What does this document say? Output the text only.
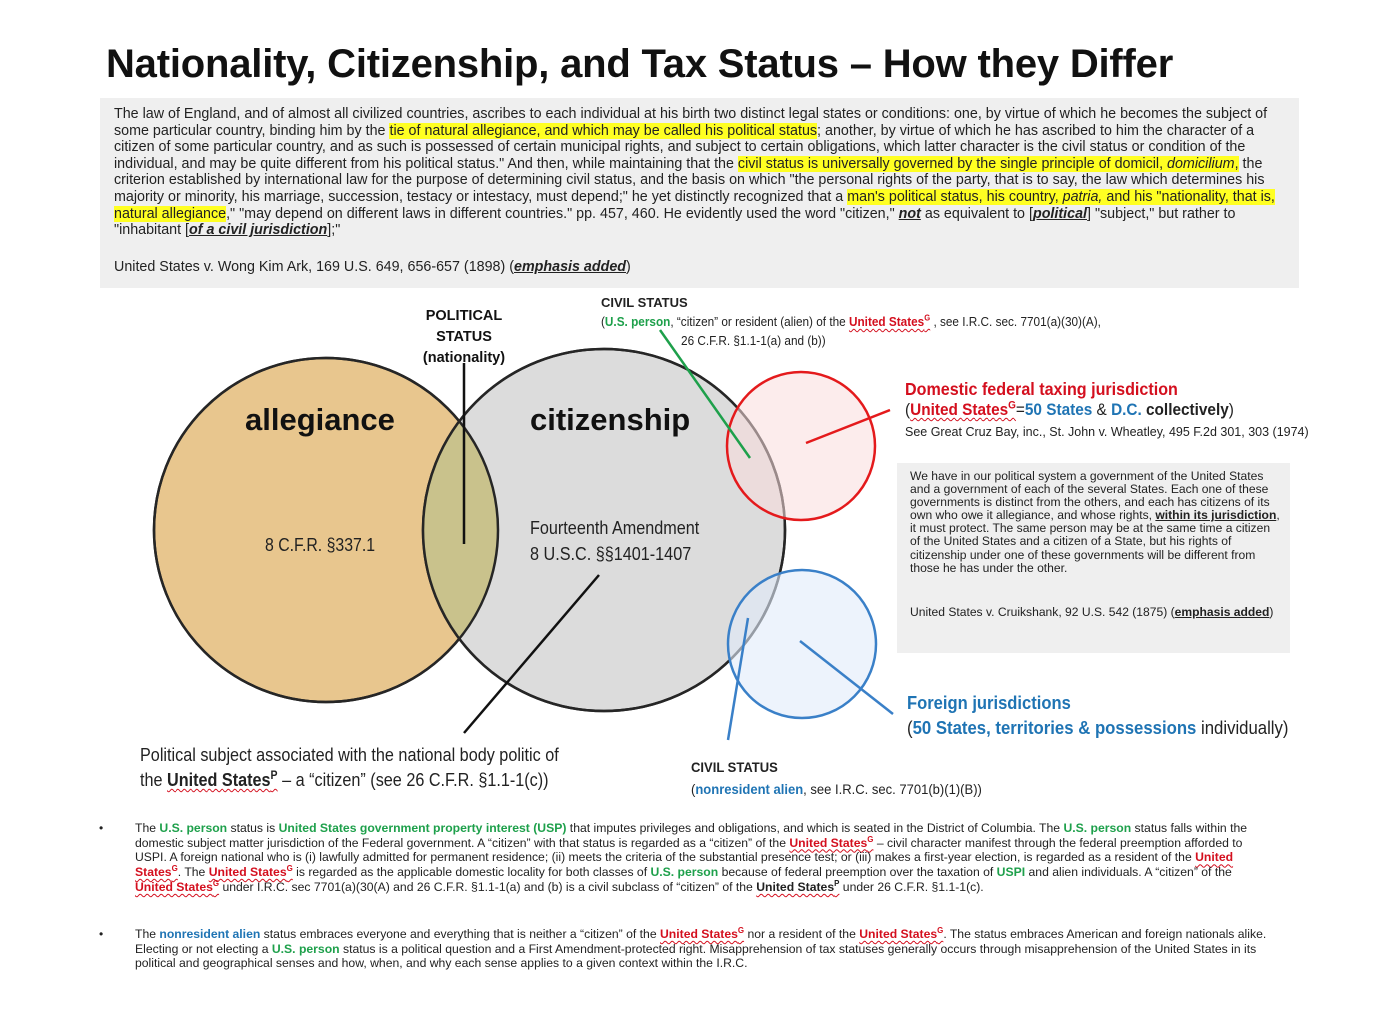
Nationality, Citizenship, and Tax Status – How they Differ
The law of England, and of almost all civilized countries, ascribes to each individual at his birth two distinct legal states or conditions: one, by virtue of which he becomes the subject of some particular country, binding him by the tie of natural allegiance, and which may be called his political status; another, by virtue of which he has ascribed to him the character of a citizen of some particular country, and as such is possessed of certain municipal rights, and subject to certain obligations, which latter character is the civil status or condition of the individual, and may be quite different from his political status." And then, while maintaining that the civil status is universally governed by the single principle of domicil, domicilium, the criterion established by international law for the purpose of determining civil status, and the basis on which "the personal rights of the party, that is to say, the law which determines his majority or minority, his marriage, succession, testacy or intestacy, must depend;" he yet distinctly recognized that a man's political status, his country, patria, and his "nationality, that is, natural allegiance," "may depend on different laws in different countries." pp. 457, 460. He evidently used the word "citizen," not as equivalent to [political] "subject," but rather to "inhabitant [of a civil jurisdiction];"
United States v. Wong Kim Ark, 169 U.S. 649, 656-657 (1898) (emphasis added)
allegiance	citizenship
8 C.F.R. §337.1
Fourteenth Amendment
8 U.S.C. §§1401-1407
POLITICAL STATUS
(nationality)
CIVIL STATUS
(U.S. person, “citizen” or resident (alien) of the United States$^G$ , see I.R.C. sec. 7701(a)(30)(A),
26 C.F.R. §1.1-1(a) and (b))
Domestic federal taxing jurisdiction
(United States$^G$=50 States & D.C. collectively)
See Great Cruz Bay, inc., St. John v. Wheatley, 495 F.2d 301, 303 (1974)
We have in our political system a government of the United States and a government of each of the several States. Each one of these governments is distinct from the others, and each has citizens of its own who owe it allegiance, and whose rights, within its jurisdiction, it must protect. The same person may be at the same time a citizen of the United States and a citizen of a State, but his rights of citizenship under one of these governments will be different from those he has under the other.
United States v. Cruikshank, 92 U.S. 542 (1875) (emphasis added)
Foreign jurisdictions
(50 States, territories & possessions individually)
Political subject associated with the national body politic of
the United States$^P$ – a “citizen” (see 26 C.F.R. §1.1-1(c))
CIVIL STATUS
(nonresident alien, see I.R.C. sec. 7701(b)(1)(B))
•	The U.S. person status is United States government property interest (USP) that imputes privileges and obligations, and which is seated in the District of Columbia. The U.S. person status falls within the domestic subject matter jurisdiction of the Federal government. A “citizen” with that status is regarded as a “citizen” of the United States$^G$ – civil character manifest through the federal preemption afforded to USPI. A foreign national who is (i) lawfully admitted for permanent residence; (ii) meets the criteria of the substantial presence test; or (iii) makes a first-year election, is regarded as a resident of the United States$^G$. The United States$^G$ is regarded as the applicable domestic locality for both classes of U.S. person because of federal preemption over the taxation of USPI and alien individuals. A “citizen” of the United States$^G$ under I.R.C. sec 7701(a)(30(A) and 26 C.F.R. §1.1-1(a) and (b) is a civil subclass of “citizen” of the United States$^P$ under 26 C.F.R. §1.1-1(c).
•	The nonresident alien status embraces everyone and everything that is neither a “citizen” of the United States$^G$ nor a resident of the United States$^G$. The status embraces American and foreign nationals alike. Electing or not electing a U.S. person status is a political question and a First Amendment-protected right. Misapprehension of tax statuses generally occurs through misapprehension of the United States in its political and geographical senses and how, when, and why each sense applies to a given context within the I.R.C.
